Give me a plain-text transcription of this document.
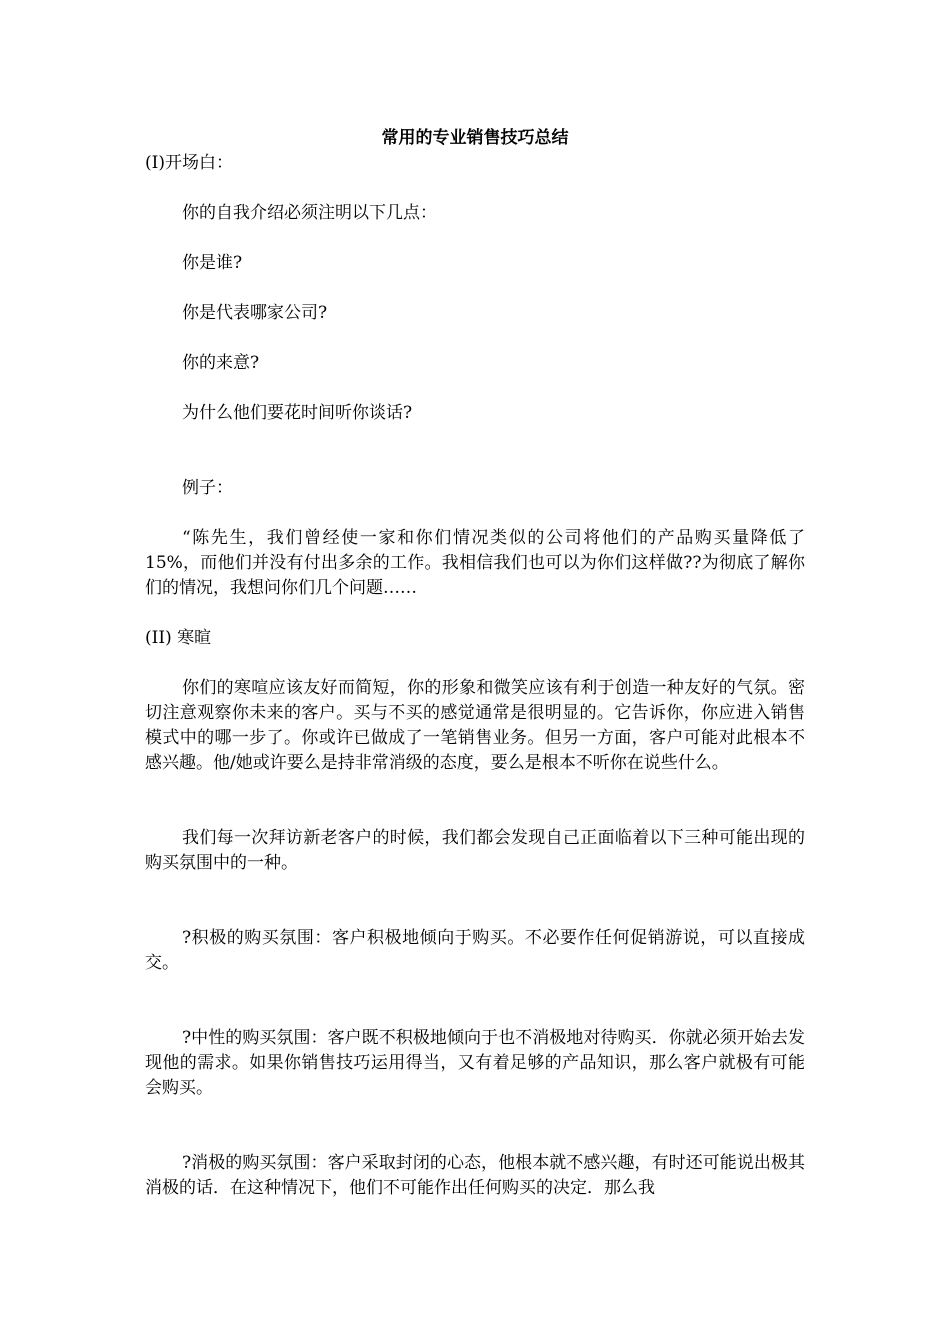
常用的专业销售技巧总结
(I)开场白：
你的自我介绍必须注明以下几点：
你是谁?
你是代表哪家公司?
你的来意?
为什么他们要花时间听你谈话?
例子：
“陈先生，我们曾经使一家和你们情况类似的公司将他们的产品购买量降低了 15%，而他们并没有付出多余的工作。我相信我们也可以为你们这样做??为彻底了解你们的情况，我想问你们几个问题……
(II) 寒暄
你们的寒喧应该友好而简短，你的形象和微笑应该有利于创造一种友好的气氛。密切注意观察你未来的客户。买与不买的感觉通常是很明显的。它告诉你，你应进入销售模式中的哪一步了。你或许已做成了一笔销售业务。但另一方面，客户可能对此根本不感兴趣。他/她或许要么是持非常消级的态度，要么是根本不听你在说些什么。
我们每一次拜访新老客户的时候，我们都会发现自己正面临着以下三种可能出现的购买氛围中的一种。
?积极的购买氛围：客户积极地倾向于购买。不必要作任何促销游说，可以直接成交。
?中性的购买氛围：客户既不积极地倾向于也不消极地对待购买．你就必须开始去发现他的需求。如果你销售技巧运用得当，又有着足够的产品知识，那么客户就极有可能会购买。
?消极的购买氛围：客户采取封闭的心态，他根本就不感兴趣，有时还可能说出极其消极的话．在这种情况下，他们不可能作出任何购买的决定．那么我
